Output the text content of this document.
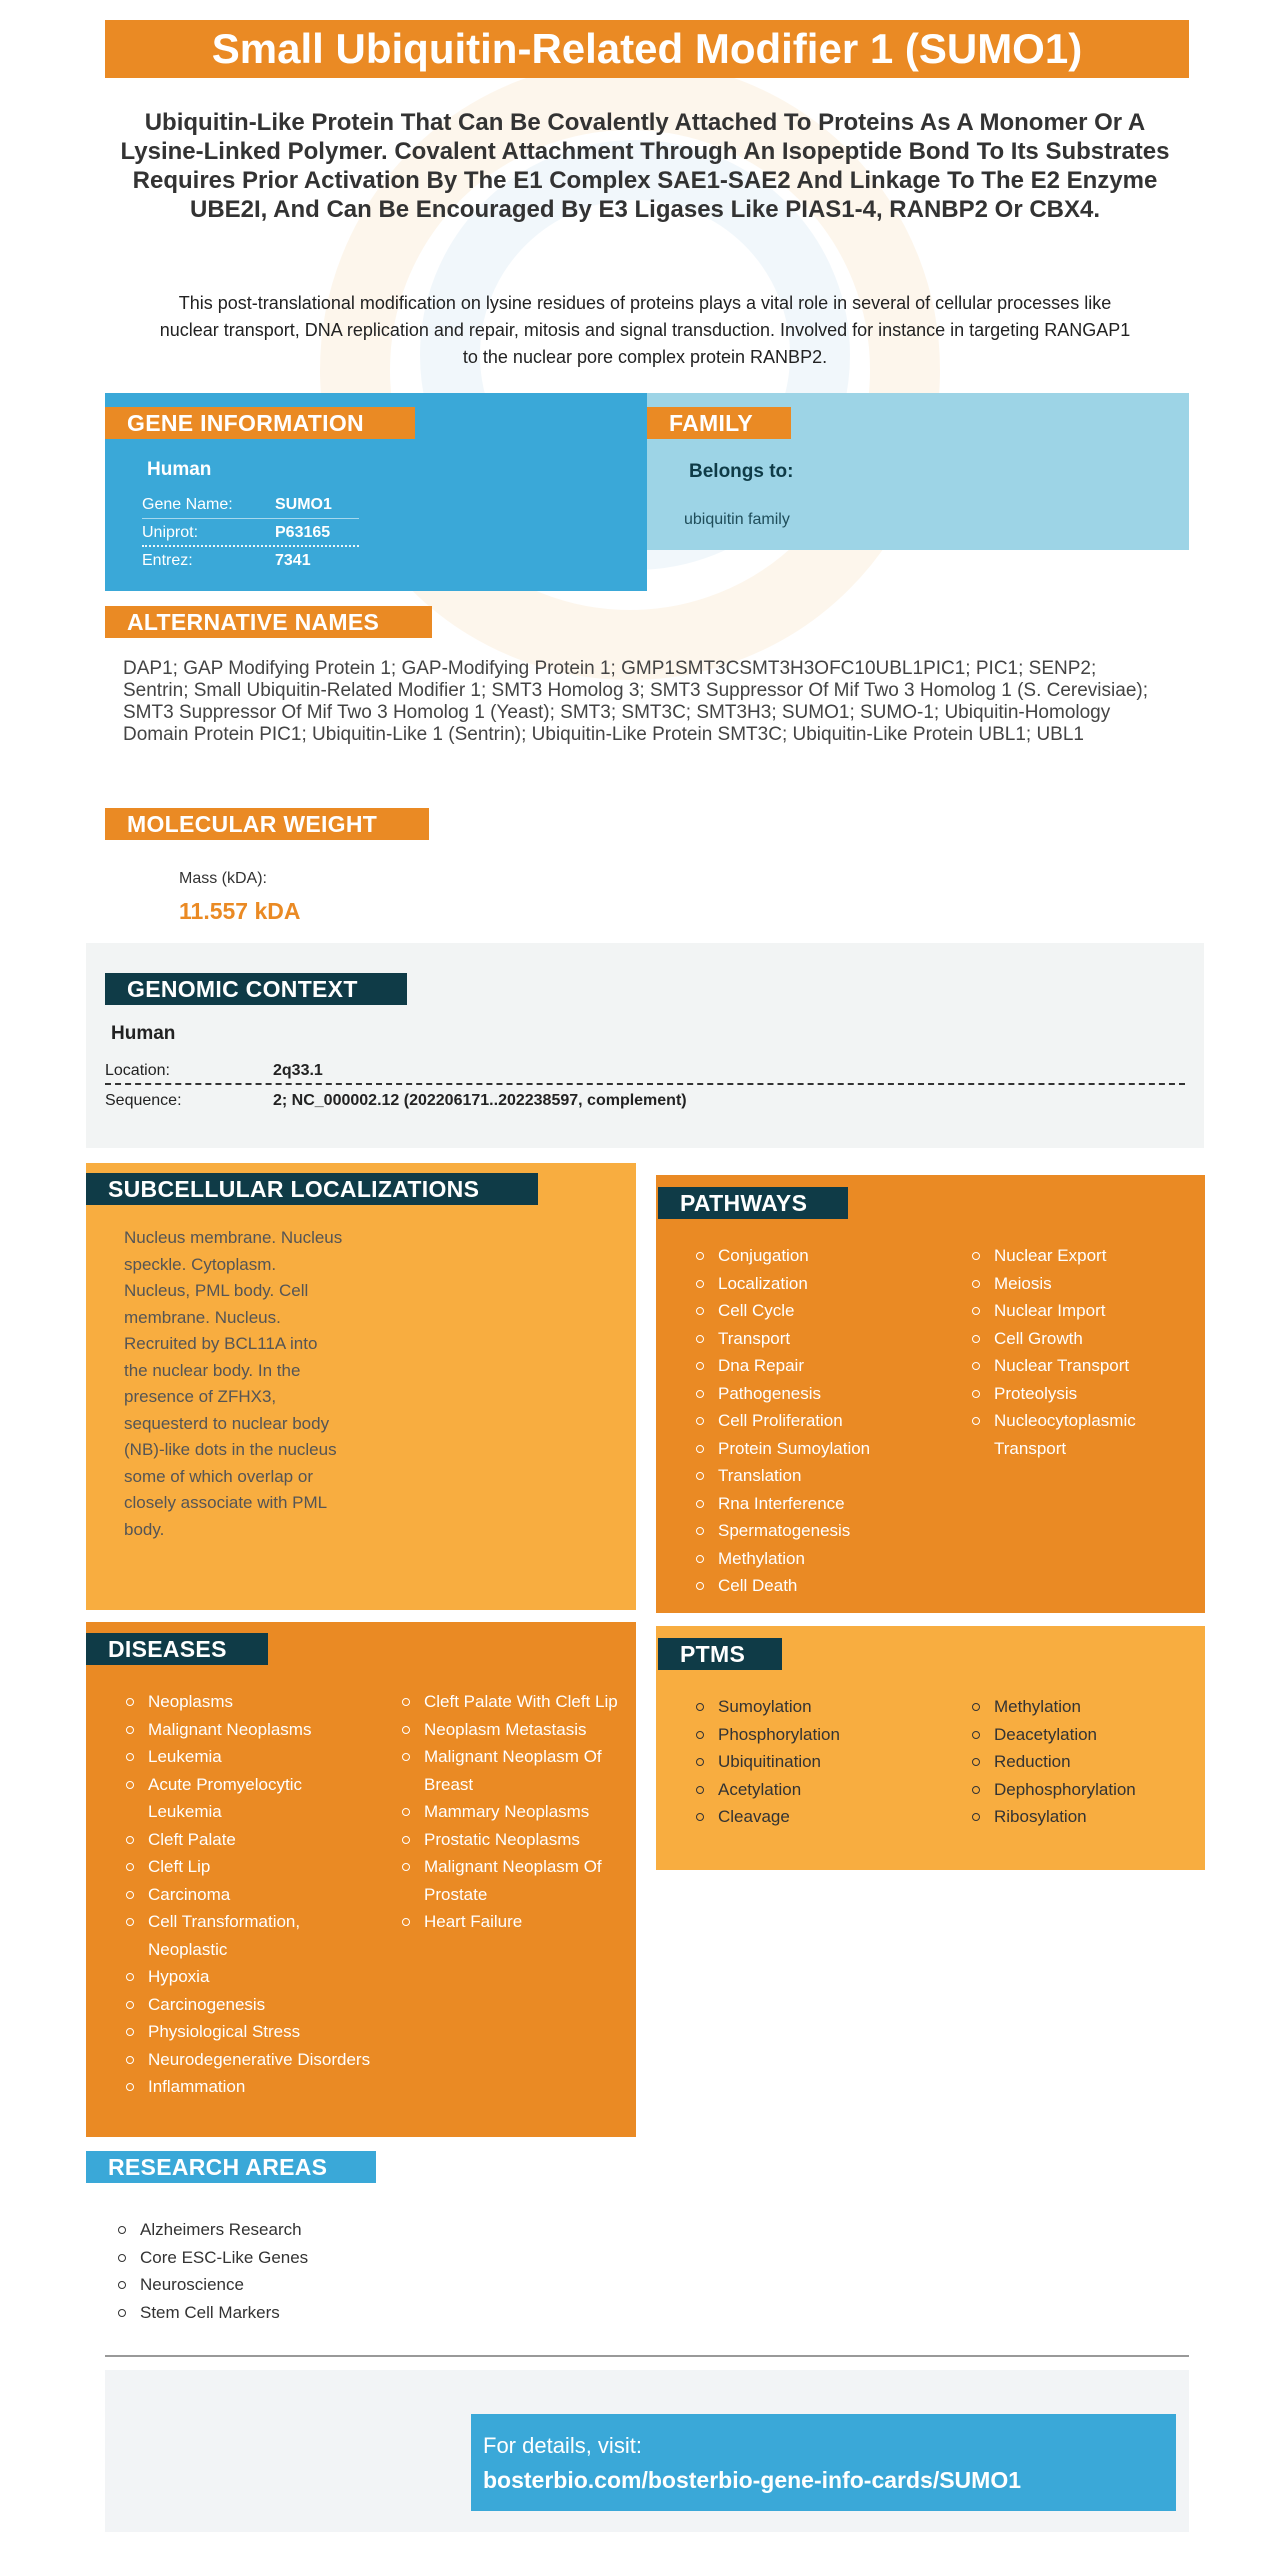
Small Ubiquitin-Related Modifier 1 (SUMO1)
Ubiquitin-Like Protein That Can Be Covalently Attached To Proteins As A Monomer Or A Lysine-Linked Polymer. Covalent Attachment Through An Isopeptide Bond To Its Substrates Requires Prior Activation By The E1 Complex SAE1-SAE2 And Linkage To The E2 Enzyme UBE2I, And Can Be Encouraged By E3 Ligases Like PIAS1-4, RANBP2 Or CBX4.
This post-translational modification on lysine residues of proteins plays a vital role in several of cellular processes like nuclear transport, DNA replication and repair, mitosis and signal transduction. Involved for instance in targeting RANGAP1 to the nuclear pore complex protein RANBP2.
GENE INFORMATION
Human
Gene Name:	SUMO1
Uniprot:	P63165
Entrez:	7341
FAMILY
Belongs to:
ubiquitin family
ALTERNATIVE NAMES
DAP1; GAP Modifying Protein 1; GAP-Modifying Protein 1; GMP1SMT3CSMT3H3OFC10UBL1PIC1; PIC1; SENP2; Sentrin; Small Ubiquitin-Related Modifier 1; SMT3 Homolog 3; SMT3 Suppressor Of Mif Two 3 Homolog 1 (S. Cerevisiae); SMT3 Suppressor Of Mif Two 3 Homolog 1 (Yeast); SMT3; SMT3C; SMT3H3; SUMO1; SUMO-1; Ubiquitin-Homology Domain Protein PIC1; Ubiquitin-Like 1 (Sentrin); Ubiquitin-Like Protein SMT3C; Ubiquitin-Like Protein UBL1; UBL1
MOLECULAR WEIGHT
Mass (kDA):
11.557 kDA
GENOMIC CONTEXT
Human
Location:	2q33.1
Sequence:	2; NC_000002.12 (202206171..202238597, complement)
SUBCELLULAR LOCALIZATIONS
Nucleus membrane. Nucleus speckle. Cytoplasm. Nucleus, PML body. Cell membrane. Nucleus. Recruited by BCL11A into the nuclear body. In the presence of ZFHX3, sequesterd to nuclear body (NB)-like dots in the nucleus some of which overlap or closely associate with PML body.
PATHWAYS
Conjugation
Localization
Cell Cycle
Transport
Dna Repair
Pathogenesis
Cell Proliferation
Protein Sumoylation
Translation
Rna Interference
Spermatogenesis
Methylation
Cell Death
Nuclear Export
Meiosis
Nuclear Import
Cell Growth
Nuclear Transport
Proteolysis
Nucleocytoplasmic Transport
DISEASES
Neoplasms
Malignant Neoplasms
Leukemia
Acute Promyelocytic Leukemia
Cleft Palate
Cleft Lip
Carcinoma
Cell Transformation, Neoplastic
Hypoxia
Carcinogenesis
Physiological Stress
Neurodegenerative Disorders
Inflammation
Cleft Palate With Cleft Lip
Neoplasm Metastasis
Malignant Neoplasm Of Breast
Mammary Neoplasms
Prostatic Neoplasms
Malignant Neoplasm Of Prostate
Heart Failure
PTMS
Sumoylation
Phosphorylation
Ubiquitination
Acetylation
Cleavage
Methylation
Deacetylation
Reduction
Dephosphorylation
Ribosylation
RESEARCH AREAS
Alzheimers Research
Core ESC-Like Genes
Neuroscience
Stem Cell Markers
For details, visit:
bosterbio.com/bosterbio-gene-info-cards/SUMO1
